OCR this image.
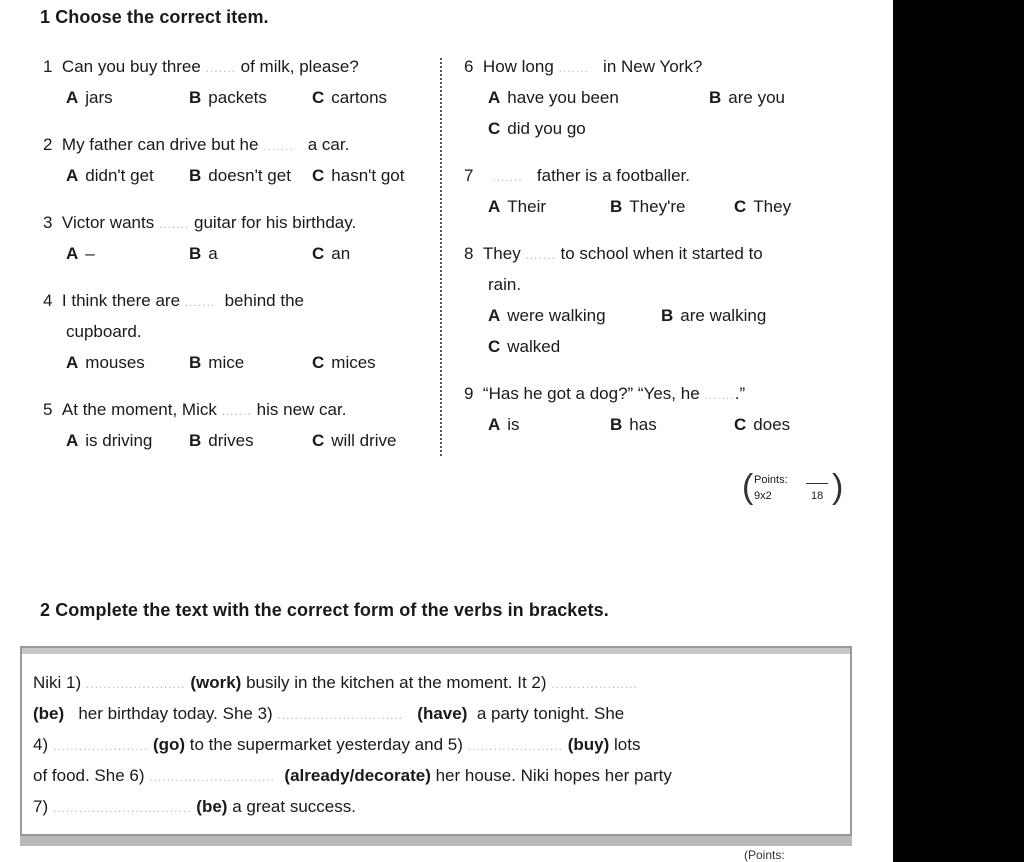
1 Choose the correct item.
1 Can you buy three ....... of milk, please?
A jars	B packets	C cartons
2 My father can drive but he ....... a car.
A didn't get B doesn't get C hasn't got
3 Victor wants ....... guitar for his birthday.
A –	B a	C an
4 I think there are ....... behind the
cupboard.
A mouses	B mice	C mices
5 At the moment, Mick ....... his new car.
A is driving B drives	C will drive
6 How long ....... in New York?
A have you been	B are you
C did you go
7 ....... father is a footballer.
A Their	B They're	C They
8 They ....... to school when it started to
rain.
A were walking	B are walking
C walked
9 “Has he got a dog?” “Yes, he ........”
A is	B has	C does
( Points:
9x2	18 )
2 Complete the text with the correct form of the verbs in brackets.
Niki 1) ....................... (work) busily in the kitchen at the moment. It 2) ....................
(be) her birthday today. She 3) ............................. (have) a party tonight. She
4) ...................... (go) to the supermarket yesterday and 5) ...................... (buy) lots
of food. She 6) ............................. (already/decorate) her house. Niki hopes her party
7) ................................ (be) a great success.
(Points:
